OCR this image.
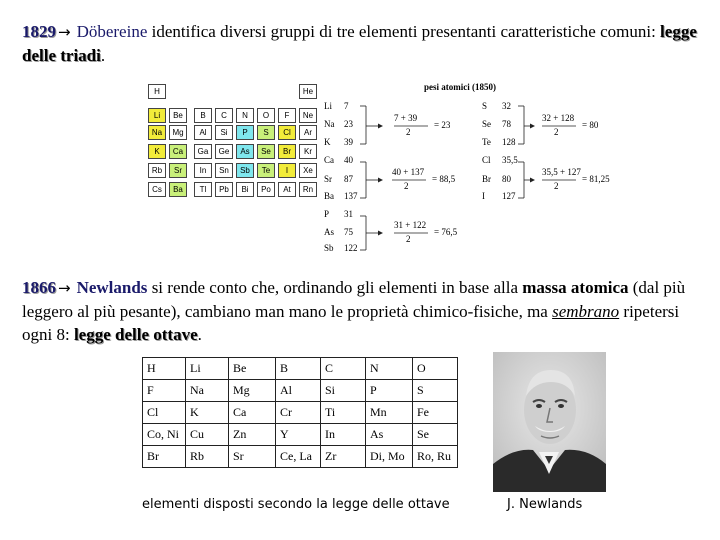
1829 → Döbereine identifica diversi gruppi di tre elementi presentanti caratteristiche comuni: legge delle triadi.
H	He
Li	Be	B	C	N	O	F	Ne
Na	Mg	Al	Si	P	S	Cl	Ar
K	Ca	Ga	Ge	As	Se	Br	Kr
Rb	Sr	In	Sn	Sb	Te	I	Xe
Cs	Ba	Tl	Pb	Bi	Po	At	Rn
pesi atomici (1850)
Li 7
Na 23
K 39
Ca 40
Sr 87
Ba 137
P 31
As 75
Sb 122
S 32
Se 78
Te 128
Cl 35,5
Br 80
I 127
7 + 39
2
= 23
40 + 137
2
= 88,5
31 + 122
2
= 76,5
32 + 128
2
= 80
35,5 + 127
2
= 81,25
1866 → Newlands si rende conto che, ordinando gli elementi in base alla massa atomica (dal più leggero al più pesante), cambiano man mano le proprietà chimico-fisiche, ma sembrano ripetersi ogni 8: legge delle ottave.
H	Li	Be	B	C	N	O
F	Na	Mg	Al	Si	P	S
Cl	K	Ca	Cr	Ti	Mn	Fe
Co, Ni	Cu	Zn	Y	In	As	Se
Br	Rb	Sr	Ce, La	Zr	Di, Mo	Ro, Ru
elementi disposti secondo la legge delle ottave	J. Newlands
